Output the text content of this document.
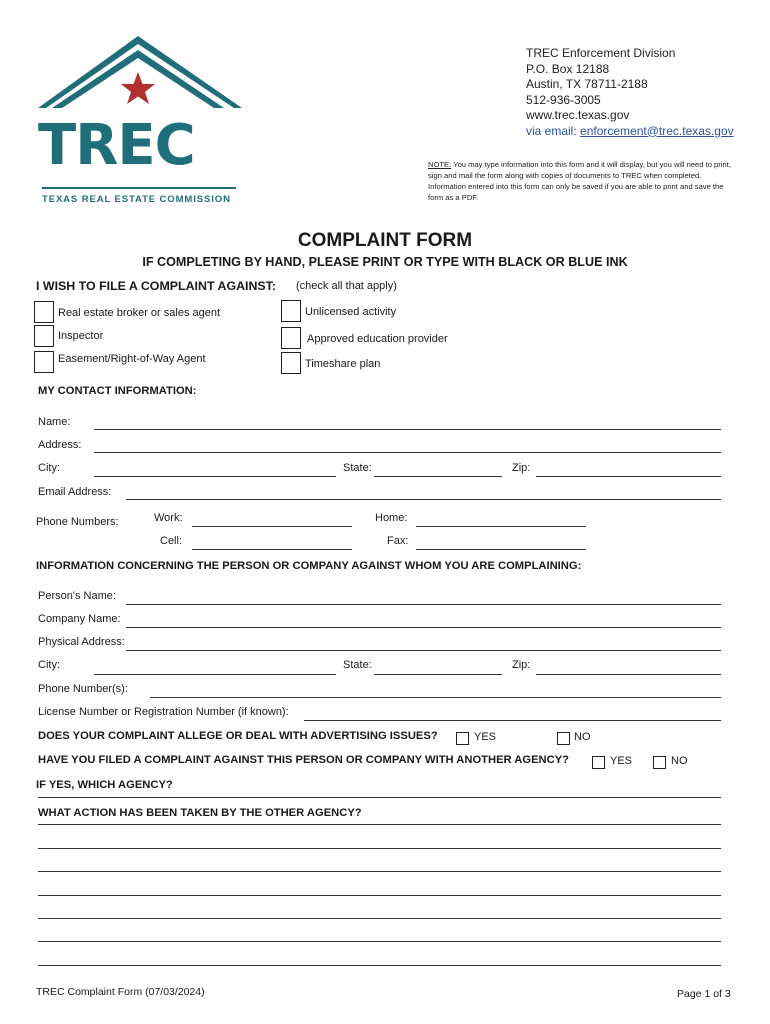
TREC
TEXAS REAL ESTATE COMMISSION
TREC Enforcement Division
P.O. Box 12188
Austin, TX 78711-2188
512-936-3005
www.trec.texas.gov
via email: enforcement@trec.texas.gov
NOTE: You may type information into this form and it will display, but you will need to print, sign and mail the form along with copies of documents to TREC when completed. Information entered into this form can only be saved if you are able to print and save the form as a PDF.
COMPLAINT FORM
IF COMPLETING BY HAND, PLEASE PRINT OR TYPE WITH BLACK OR BLUE INK
I WISH TO FILE A COMPLAINT AGAINST: (check all that apply)
Real estate broker or sales agent
Inspector
Easement/Right-of-Way Agent
Unlicensed activity
Approved education provider
Timeshare plan
MY CONTACT INFORMATION:
Name:
Address:
City:	State:	Zip:
Email Address:
Phone Numbers:	Work:	Home:
Cell:	Fax:
INFORMATION CONCERNING THE PERSON OR COMPANY AGAINST WHOM YOU ARE COMPLAINING:
Person's Name:
Company Name:
Physical Address:
City:	State:	Zip:
Phone Number(s):
License Number or Registration Number (if known):
DOES YOUR COMPLAINT ALLEGE OR DEAL WITH ADVERTISING ISSUES?	YES	NO
HAVE YOU FILED A COMPLAINT AGAINST THIS PERSON OR COMPANY WITH ANOTHER AGENCY?	YES	NO
IF YES, WHICH AGENCY?
WHAT ACTION HAS BEEN TAKEN BY THE OTHER AGENCY?
TREC Complaint Form (07/03/2024)	Page 1 of 3
